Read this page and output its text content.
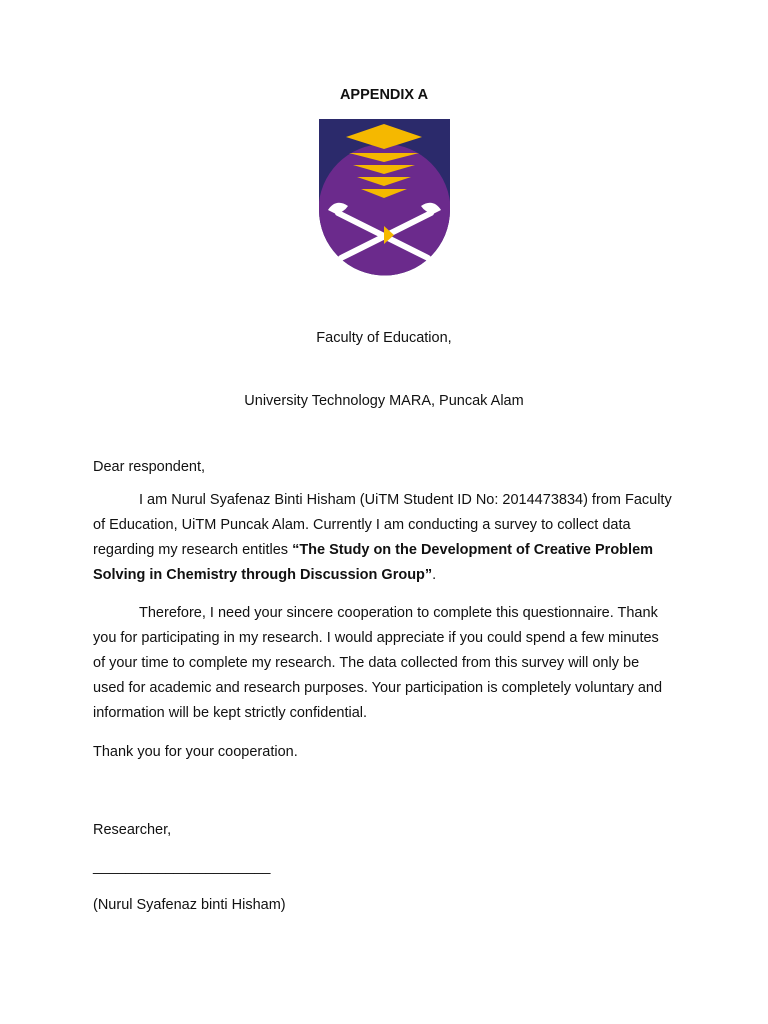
APPENDIX A
Faculty of Education,
University Technology MARA, Puncak Alam

Dear respondent,

I am Nurul Syafenaz Binti Hisham (UiTM Student ID No: 2014473834) from Faculty of Education, UiTM Puncak Alam. Currently I am conducting a survey to collect data regarding my research entitles “The Study on the Development of Creative Problem Solving in Chemistry through Discussion Group”.

Therefore, I need your sincere cooperation to complete this questionnaire. Thank you for participating in my research. I would appreciate if you could spend a few minutes of your time to complete my research. The data collected from this survey will only be used for academic and research purposes. Your participation is completely voluntary and information will be kept strictly confidential.

Thank you for your cooperation.

Researcher,

______________________

(Nurul Syafenaz binti Hisham)
